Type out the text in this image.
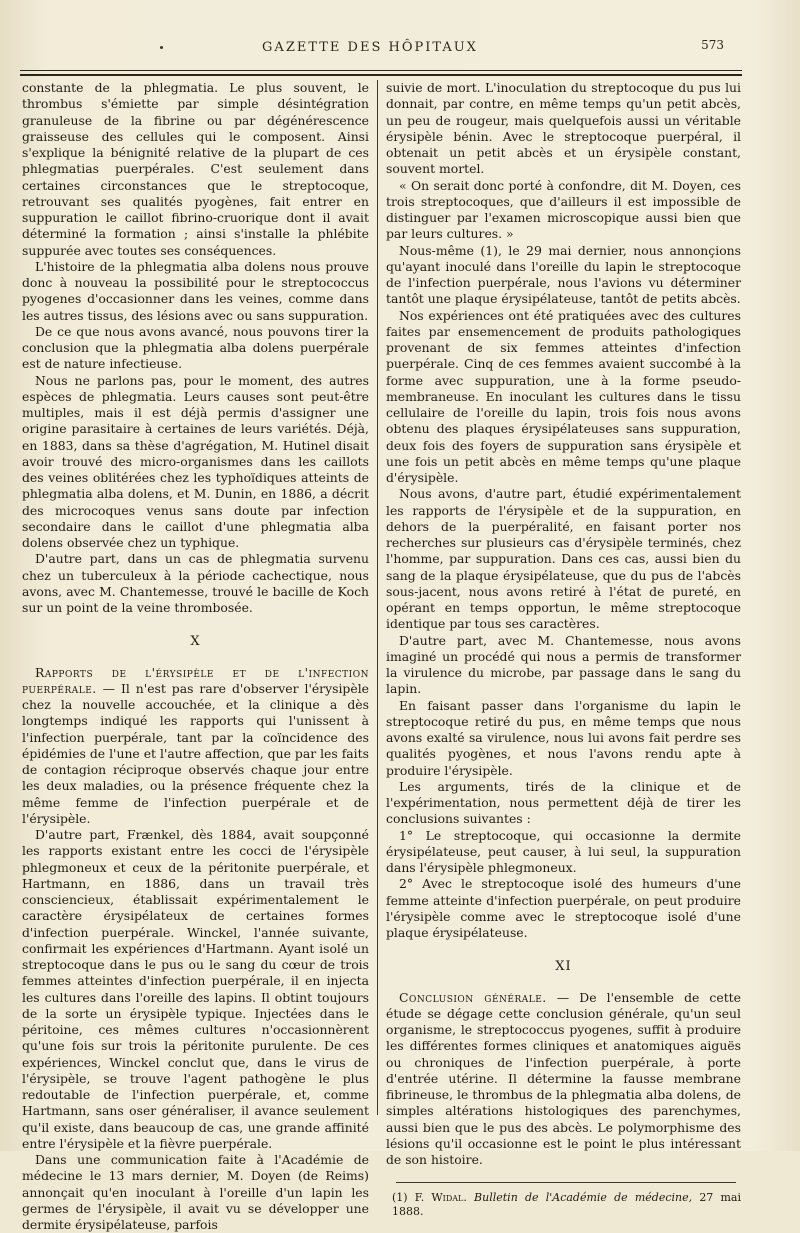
GAZETTE DES HÔPITAUX	573

constante de la phlegmatia. Le plus souvent, le thrombus s'émiette par simple désintégration granuleuse de la fibrine ou par dégénérescence graisseuse des cellules qui le composent. Ainsi s'explique la bénignité relative de la plupart de ces phlegmatias puerpérales. C'est seulement dans certaines circonstances que le streptocoque, retrouvant ses qualités pyogènes, fait entrer en suppuration le caillot fibrino-cruorique dont il avait déterminé la formation ; ainsi s'installe la phlébite suppurée avec toutes ses conséquences.

L'histoire de la phlegmatia alba dolens nous prouve donc à nouveau la possibilité pour le streptococcus pyogenes d'occasionner dans les veines, comme dans les autres tissus, des lésions avec ou sans suppuration.

De ce que nous avons avancé, nous pouvons tirer la conclusion que la phlegmatia alba dolens puerpérale est de nature infectieuse.

Nous ne parlons pas, pour le moment, des autres espèces de phlegmatia. Leurs causes sont peut-être multiples, mais il est déjà permis d'assigner une origine parasitaire à certaines de leurs variétés. Déjà, en 1883, dans sa thèse d'agrégation, M. Hutinel disait avoir trouvé des micro-organismes dans les caillots des veines oblitérées chez les typhoïdiques atteints de phlegmatia alba dolens, et M. Dunin, en 1886, a décrit des microcoques venus sans doute par infection secondaire dans le caillot d'une phlegmatia alba dolens observée chez un typhique.

D'autre part, dans un cas de phlegmatia survenu chez un tuberculeux à la période cachectique, nous avons, avec M. Chantemesse, trouvé le bacille de Koch sur un point de la veine thrombosée.

X

Rapports de l'érysipèle et de l'infection puerpérale. — Il n'est pas rare d'observer l'érysipèle chez la nouvelle accouchée, et la clinique a dès longtemps indiqué les rapports qui l'unissent à l'infection puerpérale, tant par la coïncidence des épidémies de l'une et l'autre affection, que par les faits de contagion réciproque observés chaque jour entre les deux maladies, ou la présence fréquente chez la même femme de l'infection puerpérale et de l'érysipèle.

D'autre part, Frænkel, dès 1884, avait soupçonné les rapports existant entre les cocci de l'érysipèle phlegmoneux et ceux de la péritonite puerpérale, et Hartmann, en 1886, dans un travail très consciencieux, établissait expérimentalement le caractère érysipélateux de certaines formes d'infection puerpérale. Winckel, l'année suivante, confirmait les expériences d'Hartmann. Ayant isolé un streptocoque dans le pus ou le sang du cœur de trois femmes atteintes d'infection puerpérale, il en injecta les cultures dans l'oreille des lapins. Il obtint toujours de la sorte un érysipèle typique. Injectées dans le péritoine, ces mêmes cultures n'occasionnèrent qu'une fois sur trois la péritonite purulente. De ces expériences, Winckel conclut que, dans le virus de l'érysipèle, se trouve l'agent pathogène le plus redoutable de l'infection puerpérale, et, comme Hartmann, sans oser généraliser, il avance seulement qu'il existe, dans beaucoup de cas, une grande affinité entre l'érysipèle et la fièvre puerpérale.

Dans une communication faite à l'Académie de médecine le 13 mars dernier, M. Doyen (de Reims) annonçait qu'en inoculant à l'oreille d'un lapin les germes de l'érysipèle, il avait vu se développer une dermite érysipélateuse, parfois

suivie de mort. L'inoculation du streptocoque du pus lui donnait, par contre, en même temps qu'un petit abcès, un peu de rougeur, mais quelquefois aussi un véritable érysipèle bénin. Avec le streptocoque puerpéral, il obtenait un petit abcès et un érysipèle constant, souvent mortel.

« On serait donc porté à confondre, dit M. Doyen, ces trois streptocoques, que d'ailleurs il est impossible de distinguer par l'examen microscopique aussi bien que par leurs cultures. »

Nous-même (1), le 29 mai dernier, nous annonçions qu'ayant inoculé dans l'oreille du lapin le streptocoque de l'infection puerpérale, nous l'avions vu déterminer tantôt une plaque érysipélateuse, tantôt de petits abcès.

Nos expériences ont été pratiquées avec des cultures faites par ensemencement de produits pathologiques provenant de six femmes atteintes d'infection puerpérale. Cinq de ces femmes avaient succombé à la forme avec suppuration, une à la forme pseudo-membraneuse. En inoculant les cultures dans le tissu cellulaire de l'oreille du lapin, trois fois nous avons obtenu des plaques érysipélateuses sans suppuration, deux fois des foyers de suppuration sans érysipèle et une fois un petit abcès en même temps qu'une plaque d'érysipèle.

Nous avons, d'autre part, étudié expérimentalement les rapports de l'érysipèle et de la suppuration, en dehors de la puerpéralité, en faisant porter nos recherches sur plusieurs cas d'érysipèle terminés, chez l'homme, par suppuration. Dans ces cas, aussi bien du sang de la plaque érysipélateuse, que du pus de l'abcès sous-jacent, nous avons retiré à l'état de pureté, en opérant en temps opportun, le même streptocoque identique par tous ses caractères.

D'autre part, avec M. Chantemesse, nous avons imaginé un procédé qui nous a permis de transformer la virulence du microbe, par passage dans le sang du lapin.

En faisant passer dans l'organisme du lapin le streptocoque retiré du pus, en même temps que nous avons exalté sa virulence, nous lui avons fait perdre ses qualités pyogènes, et nous l'avons rendu apte à produire l'érysipèle.

Les arguments, tirés de la clinique et de l'expérimentation, nous permettent déjà de tirer les conclusions suivantes :

1° Le streptocoque, qui occasionne la dermite érysipélateuse, peut causer, à lui seul, la suppuration dans l'érysipèle phlegmoneux.

2° Avec le streptocoque isolé des humeurs d'une femme atteinte d'infection puerpérale, on peut produire l'érysipèle comme avec le streptocoque isolé d'une plaque érysipélateuse.

XI

Conclusion générale. — De l'ensemble de cette étude se dégage cette conclusion générale, qu'un seul organisme, le streptococcus pyogenes, suffit à produire les différentes formes cliniques et anatomiques aiguës ou chroniques de l'infection puerpérale, à porte d'entrée utérine. Il détermine la fausse membrane fibrineuse, le thrombus de la phlegmatia alba dolens, de simples altérations histologiques des parenchymes, aussi bien que le pus des abcès. Le polymorphisme des lésions qu'il occasionne est le point le plus intéressant de son histoire.

(1) F. Widal. Bulletin de l'Académie de médecine, 27 mai 1888.
